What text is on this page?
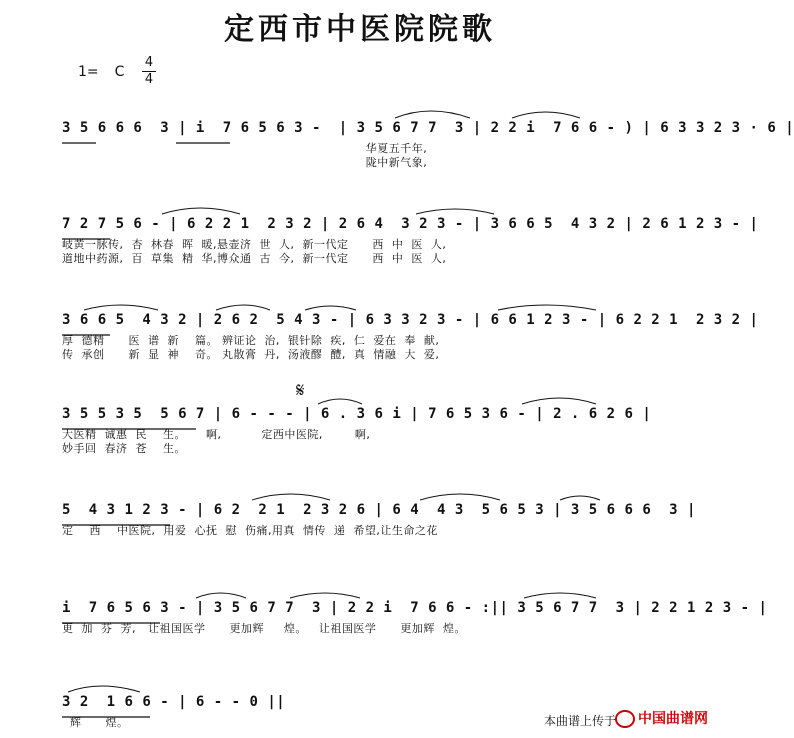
定西市中医院院歌
1= C
4
4
3 5 6 6 6  3 | i  7 6 5 6 3 -  | 3 5 6 7 7  3 | 2 2 i  7 6 6 - ) | 6 3 3 2 3 · 6 |
华夏五千年,
陇中新气象,
7 2 7 5 6 - | 6 2 2 1  2 3 2 | 2 6 4  3 2 3 - | 3 6 6 5  4 3 2 | 2 6 1 2 3 - |
岐黄一脉传,  杏  林春  晖  暖,悬壶济  世  人,  新一代定      西  中  医  人,
道地中药源,  百  草集  精  华,博众通  古  今,  新一代定      西  中  医  人,
3 6 6 5  4 3 2 | 2 6 2  5 4 3 - | 6 3 3 2 3 - | 6 6 1 2 3 - | 6 2 2 1  2 3 2 |
厚  德精      医  谱  新    篇。 辨证论  治,  银针除  疾,  仁  爱在  奉  献,
传  承创      新  显  神    奇。 丸散膏  丹,  汤液醪  醴,  真  情融  大  爱,
𝄋
3 5 5 3 5  5 6 7 | 6 - - - | 6 . 3 6 i | 7 6 5 3 6 - | 2 . 6 2 6 |
大医精  诚惠  民    生。     啊,          定西中医院,        啊,
妙手回  春济  苍    生。
5  4 3 1 2 3 - | 6 2  2 1  2 3 2 6 | 6 4  4 3  5 6 5 3 | 3 5 6 6 6  3 |
定    西    中医院,  用爱  心抚  慰  伤痛,用真  情传  递  希望,让生命之花
i  7 6 5 6 3 - | 3 5 6 7 7  3 | 2 2 i  7 6 6 - :|| 3 5 6 7 7  3 | 2 2 1 2 3 - |
更  加  芬  芳,   让祖国医学      更加辉     煌。   让祖国医学      更加辉  煌。
3 2  1 6 6 - | 6 - - 0 ||
辉      煌。	本曲谱上传于	中国曲谱网
